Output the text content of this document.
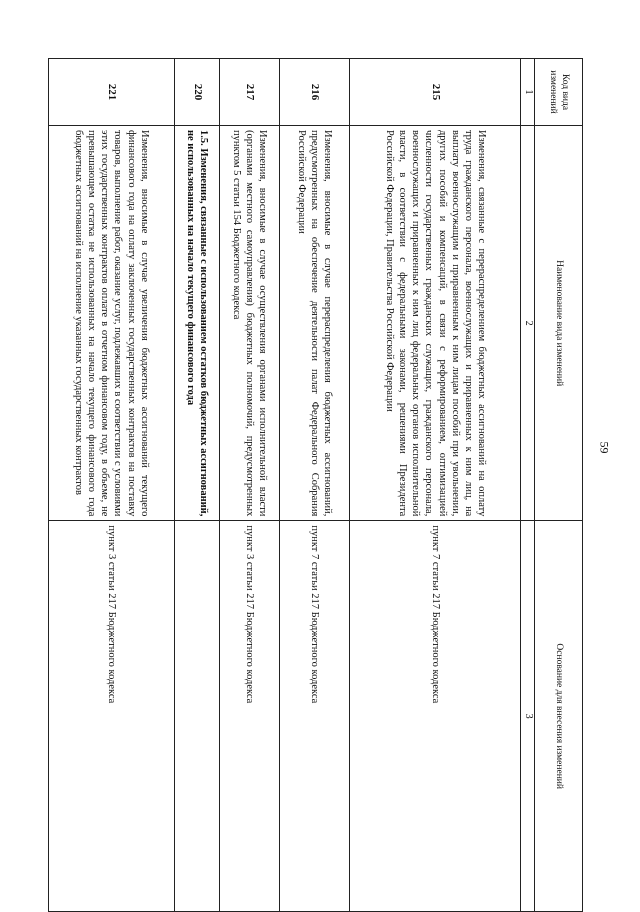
59
Код вида изменений	Наименование вида изменений	Основание для внесения изменений
1	2	3
215	Изменения, связанные с перераспределением бюджетных ассигнований на оплату труда гражданского персонала, военнослужащих и приравненных к ним лиц, на выплату военнослужащим и приравненным к ним лицам пособий при увольнении, других пособий и компенсаций, в связи с реформированием, оптимизацией численности государственных гражданских служащих, гражданского персонала, военнослужащих и приравненных к ним лиц федеральных органов исполнительной власти, в соответствии с федеральными законами, решениями Президента Российской Федерации, Правительства Российской Федерации	пункт 7 статьи 217 Бюджетного кодекса
216	Изменения, вносимые в случае перераспределения бюджетных ассигнований, предусмотренных на обеспечение деятельности палат Федерального Собрания Российской Федерации	пункт 7 статьи 217 Бюджетного кодекса
217	Изменения, вносимые в случае осуществления органами исполнительной власти (органами местного самоуправления) бюджетных полномочий, предусмотренных пунктом 5 статьи 154 Бюджетного кодекса	пункт 3 статьи 217 Бюджетного кодекса
220	1.5. Изменения, связанные с использованием остатков бюджетных ассигнований, не использованных на начало текущего финансового года	
221	Изменения, вносимые в случае увеличения бюджетных ассигнований текущего финансового года на оплату заключенных государственных контрактов на поставку товаров, выполнение работ, оказание услуг, подлежавших в соответствии с условиями этих государственных контрактов оплате в отчетном финансовом году, в объеме, не превышающем остатка не использованных на начало текущего финансового года бюджетных ассигнований на исполнение указанных государственных контрактов	пункт 3 статьи 217 Бюджетного кодекса
